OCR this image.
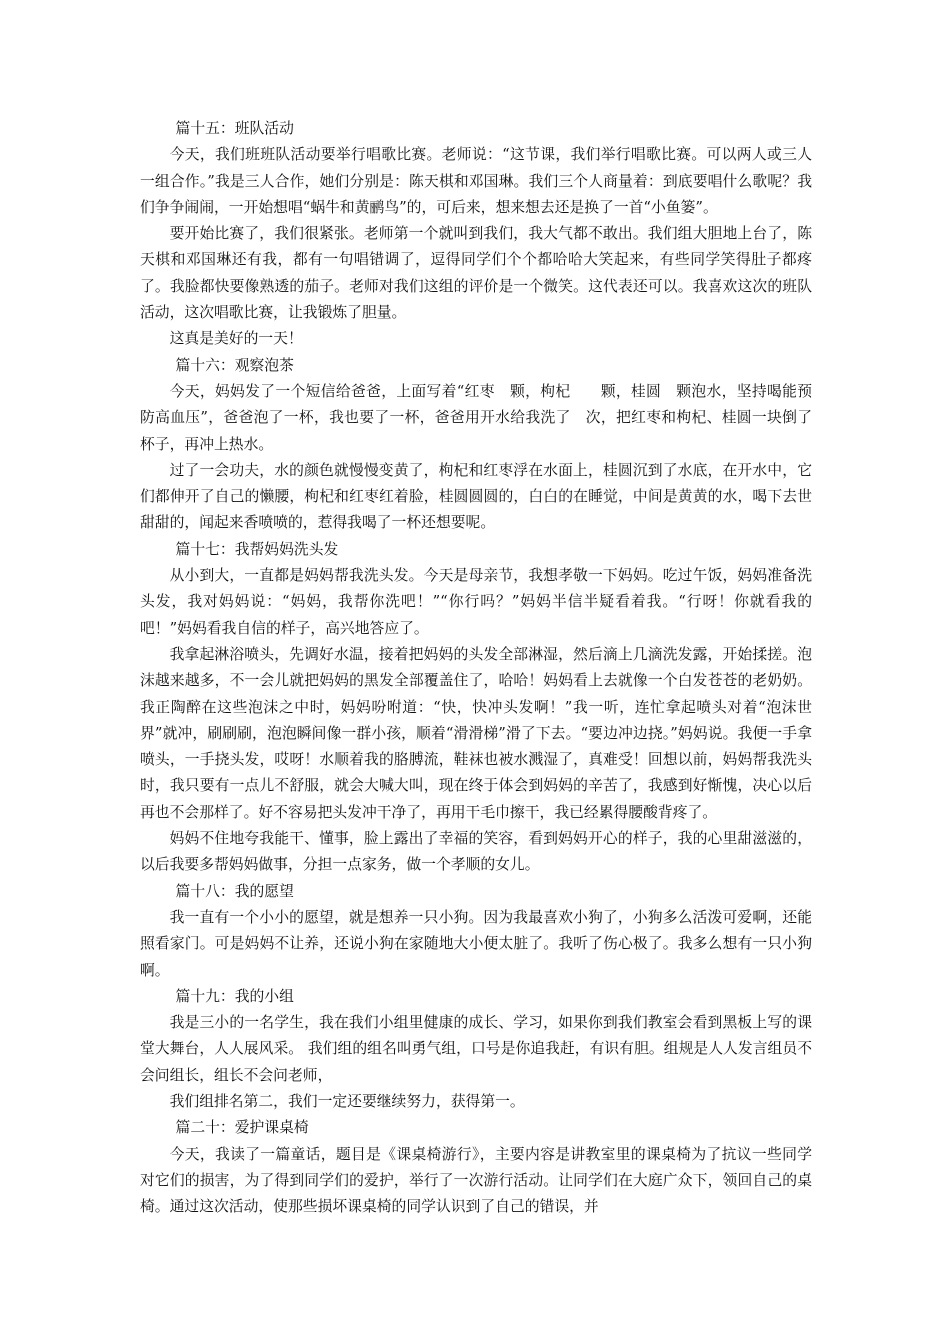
篇十五：班队活动

今天，我们班班队活动要举行唱歌比赛。老师说：“这节课，我们举行唱歌比赛。可以两人或三人一组合作。”我是三人合作，她们分别是：陈天棋和邓国琳。我们三个人商量着：到底要唱什么歌呢？我们争争闹闹，一开始想唱“蜗牛和黄鹂鸟”的，可后来，想来想去还是换了一首“小鱼篓”。

要开始比赛了，我们很紧张。老师第一个就叫到我们，我大气都不敢出。我们组大胆地上台了，陈天棋和邓国琳还有我，都有一句唱错调了，逗得同学们个个都哈哈大笑起来，有些同学笑得肚子都疼了。我脸都快要像熟透的茄子。老师对我们这组的评价是一个微笑。这代表还可以。我喜欢这次的班队活动，这次唱歌比赛，让我锻炼了胆量。

这真是美好的一天！

篇十六：观察泡茶

今天，妈妈发了一个短信给爸爸，上面写着“红枣　颗，枸杞　　颗，桂圆　颗泡水，坚持喝能预防高血压”，爸爸泡了一杯，我也要了一杯，爸爸用开水给我洗了　次，把红枣和枸杞、桂圆一块倒了杯子，再冲上热水。

过了一会功夫，水的颜色就慢慢变黄了，枸杞和红枣浮在水面上，桂圆沉到了水底，在开水中，它们都伸开了自己的懒腰，枸杞和红枣红着脸，桂圆圆圆的，白白的在睡觉，中间是黄黄的水，喝下去世甜甜的，闻起来香喷喷的，惹得我喝了一杯还想要呢。

篇十七：我帮妈妈洗头发

从小到大，一直都是妈妈帮我洗头发。今天是母亲节，我想孝敬一下妈妈。吃过午饭，妈妈准备洗头发，我对妈妈说：“妈妈，我帮你洗吧！”“你行吗？”妈妈半信半疑看着我。“行呀！你就看我的吧！”妈妈看我自信的样子，高兴地答应了。

我拿起淋浴喷头，先调好水温，接着把妈妈的头发全部淋湿，然后滴上几滴洗发露，开始揉搓。泡沫越来越多，不一会儿就把妈妈的黑发全部覆盖住了，哈哈！妈妈看上去就像一个白发苍苍的老奶奶。我正陶醉在这些泡沫之中时，妈妈吩咐道：“快，快冲头发啊！”我一听，连忙拿起喷头对着“泡沫世界”就冲，刷刷刷，泡泡瞬间像一群小孩，顺着“滑滑梯”滑了下去。“要边冲边挠。”妈妈说。我便一手拿喷头，一手挠头发，哎呀！水顺着我的胳膊流，鞋袜也被水溅湿了，真难受！回想以前，妈妈帮我洗头时，我只要有一点儿不舒服，就会大喊大叫，现在终于体会到妈妈的辛苦了，我感到好惭愧，决心以后再也不会那样了。好不容易把头发冲干净了，再用干毛巾擦干，我已经累得腰酸背疼了。

妈妈不住地夸我能干、懂事，脸上露出了幸福的笑容，看到妈妈开心的样子，我的心里甜滋滋的，以后我要多帮妈妈做事，分担一点家务，做一个孝顺的女儿。

篇十八：我的愿望

我一直有一个小小的愿望，就是想养一只小狗。因为我最喜欢小狗了，小狗多么活泼可爱啊，还能照看家门。可是妈妈不让养，还说小狗在家随地大小便太脏了。我听了伤心极了。我多么想有一只小狗啊。

篇十九：我的小组

我是三小的一名学生，我在我们小组里健康的成长、学习，如果你到我们教室会看到黑板上写的课堂大舞台，人人展风采。 我们组的组名叫勇气组，口号是你追我赶，有识有胆。组规是人人发言组员不会问组长，组长不会问老师，

我们组排名第二，我们一定还要继续努力，获得第一。

篇二十：爱护课桌椅

今天，我读了一篇童话，题目是《课桌椅游行》，主要内容是讲教室里的课桌椅为了抗议一些同学对它们的损害，为了得到同学们的爱护，举行了一次游行活动。让同学们在大庭广众下，领回自己的桌椅。通过这次活动，使那些损坏课桌椅的同学认识到了自己的错误，并
